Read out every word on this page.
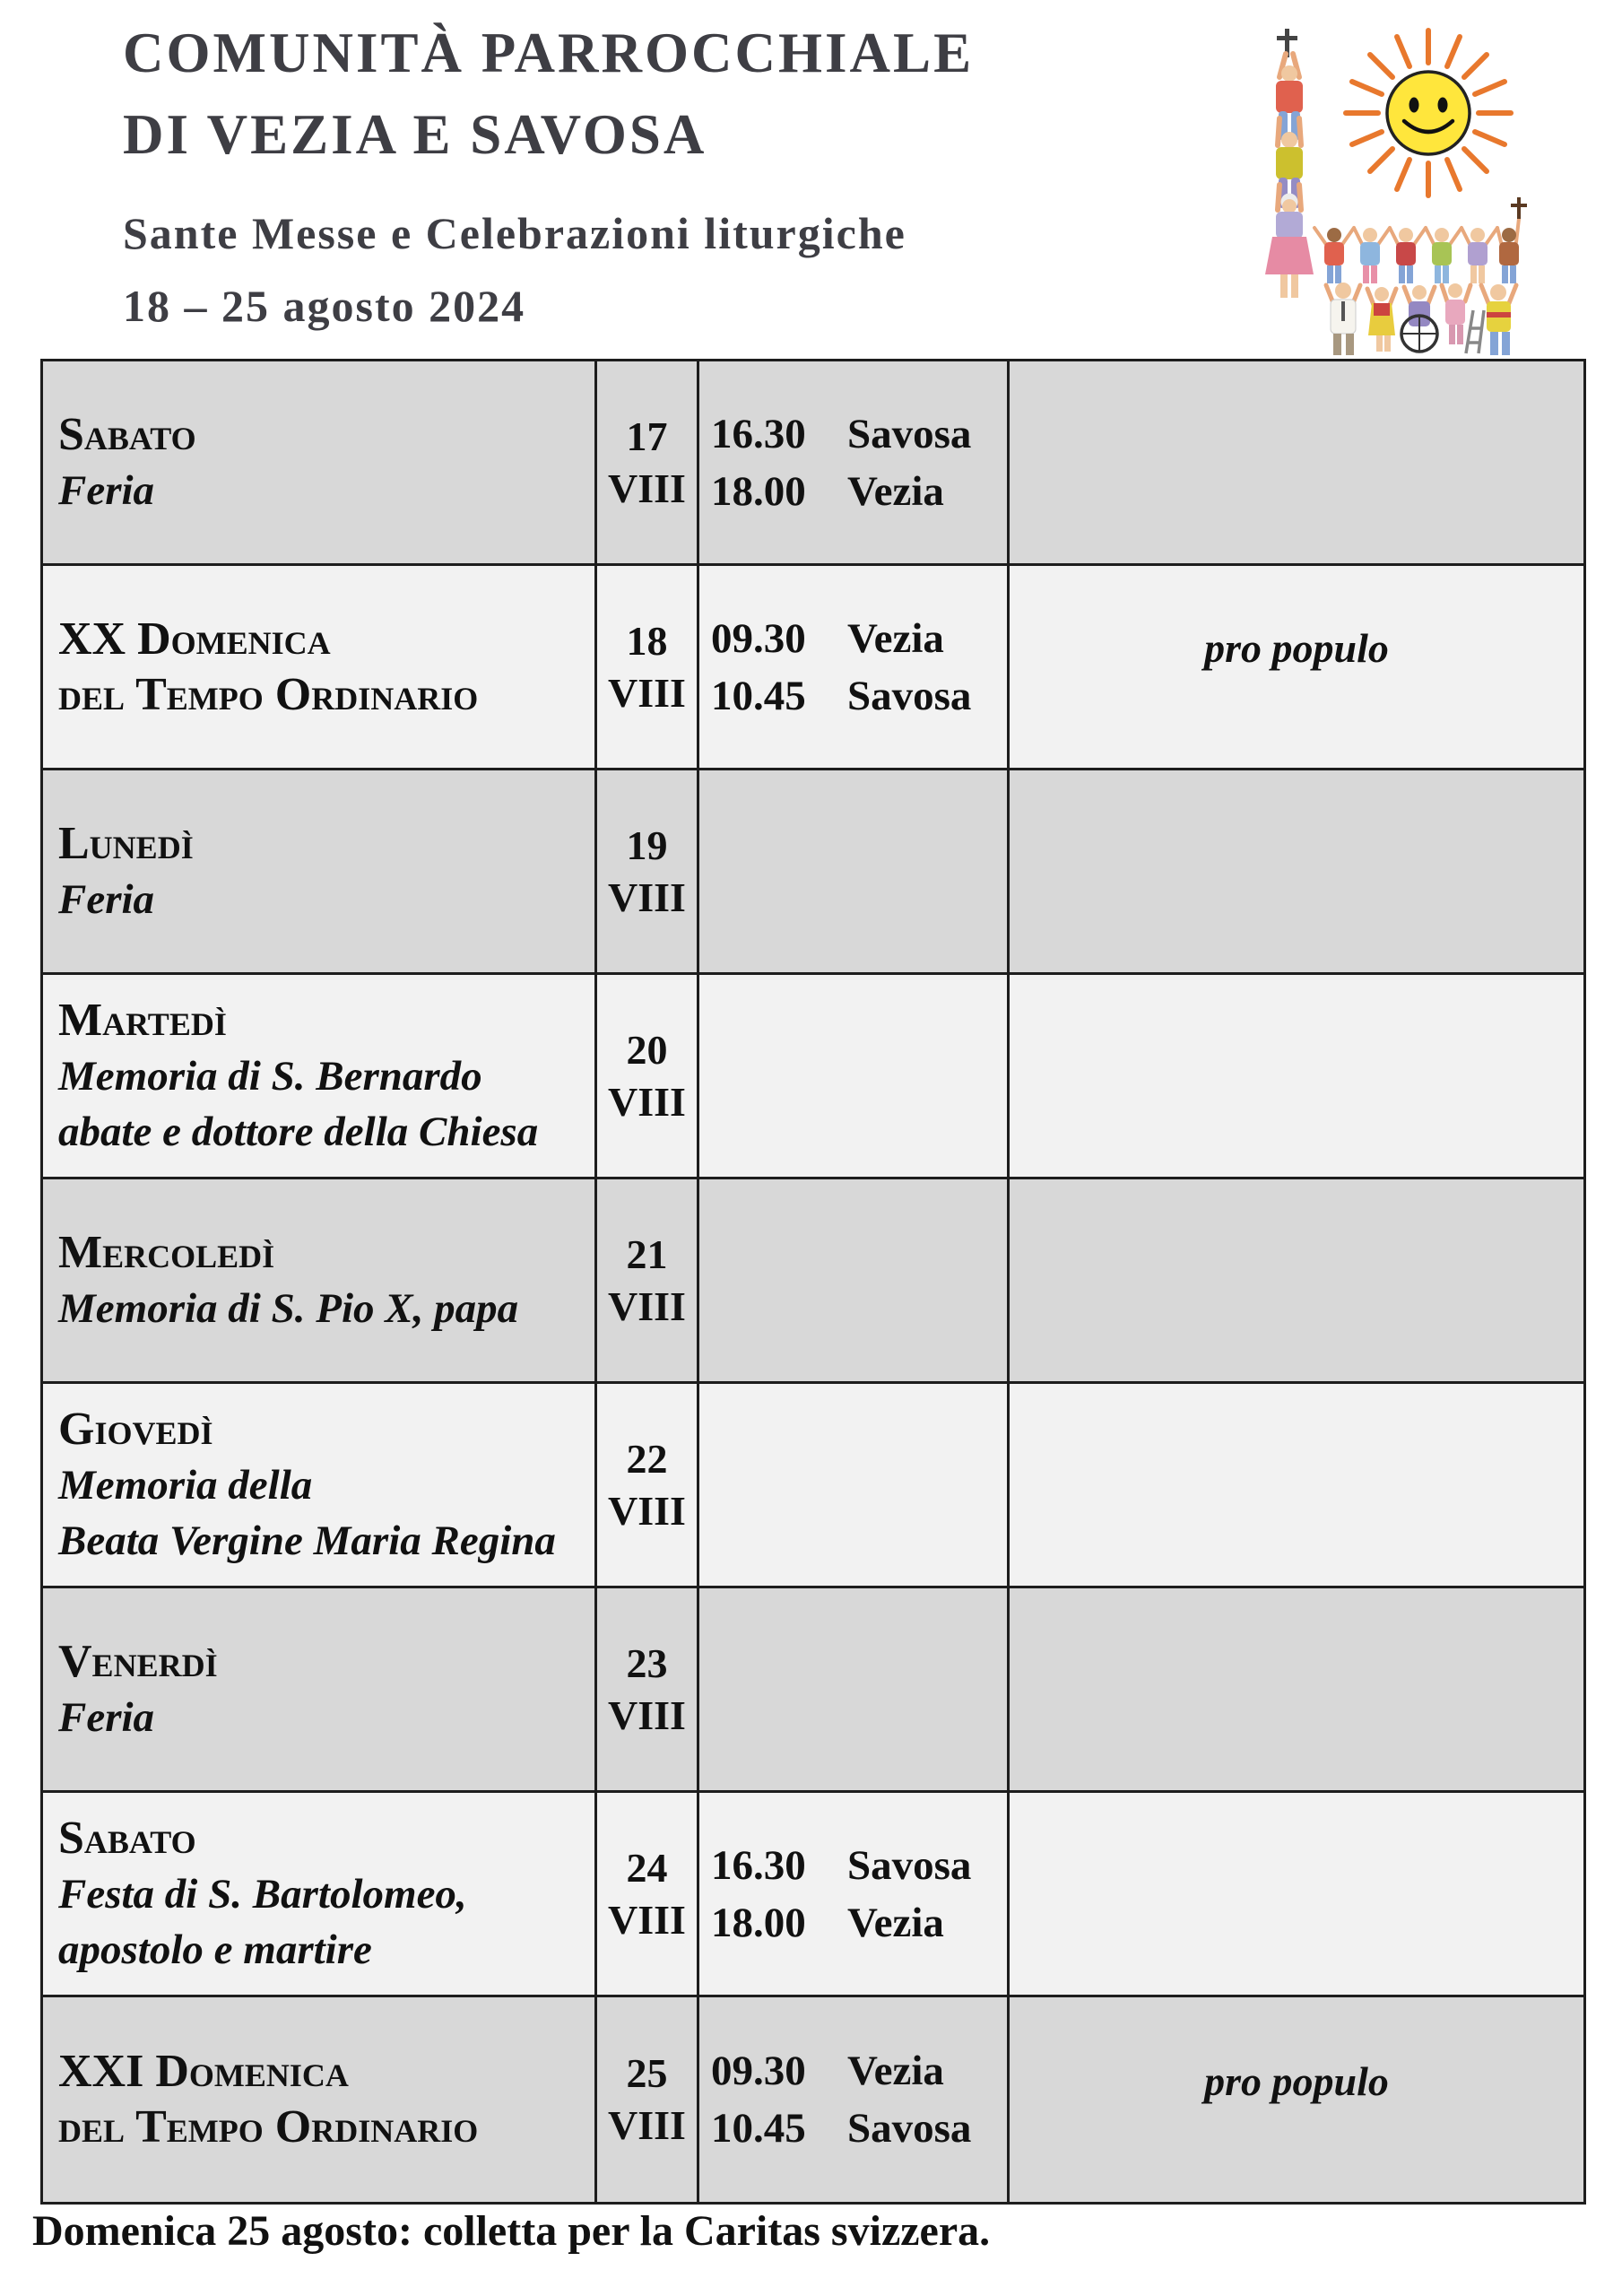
COMUNITÀ PARROCCHIALE
DI VEZIA E SAVOSA
Sante Messe e Celebrazioni liturgiche
18 – 25 agosto 2024
Sabato
Feria
17
VIII
16.30 Savosa
18.00 Vezia
XX Domenica
del Tempo Ordinario
18
VIII
09.30 Vezia
10.45 Savosa
pro populo
Lunedì
Feria
19
VIII
Martedì
Memoria di S. Bernardo
abate e dottore della Chiesa
20
VIII
Mercoledì
Memoria di S. Pio X, papa
21
VIII
Giovedì
Memoria della
Beata Vergine Maria Regina
22
VIII
Venerdì
Feria
23
VIII
Sabato
Festa di S. Bartolomeo,
apostolo e martire
24
VIII
16.30 Savosa
18.00 Vezia
XXI Domenica
del Tempo Ordinario
25
VIII
09.30 Vezia
10.45 Savosa
pro populo
Domenica 25 agosto: colletta per la Caritas svizzera.
